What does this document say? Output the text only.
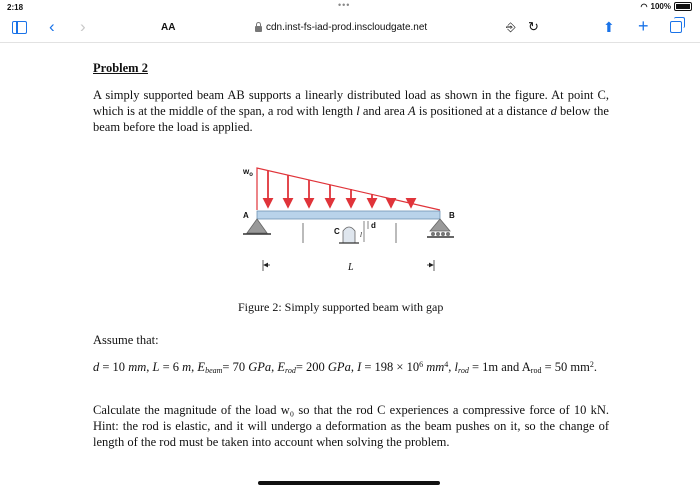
2:18	•••	◠ 100%
‹ ›	AA	cdn.inst-fs-iad-prod.inscloudgate.net	⎆ ↻	⬆ +
Problem 2

A simply supported beam AB supports a linearly distributed load as shown in the figure. At point C, which is at the middle of the span, a rod with length l and area A is positioned at a distance d below the beam before the load is applied.

Figure 2: Simply supported beam with gap

Assume that:

d = 10 mm, L = 6 m, $E_{beam}= 70$ GPa, $E_{rod}= 200$ GPa, $I = 198 \times 10^6$ $mm^4$, $l_{rod} = 1m$ and $A_{rod} = 50$ $mm^2$.

Calculate the magnitude of the load w₀ so that the rod C experiences a compressive force of 10 kN. Hint: the rod is elastic, and it will undergo a deformation as the beam pushes on it, so the change of length of the rod must be taken into account when solving the problem.

$w_o$
A	B
C	l
d
L
